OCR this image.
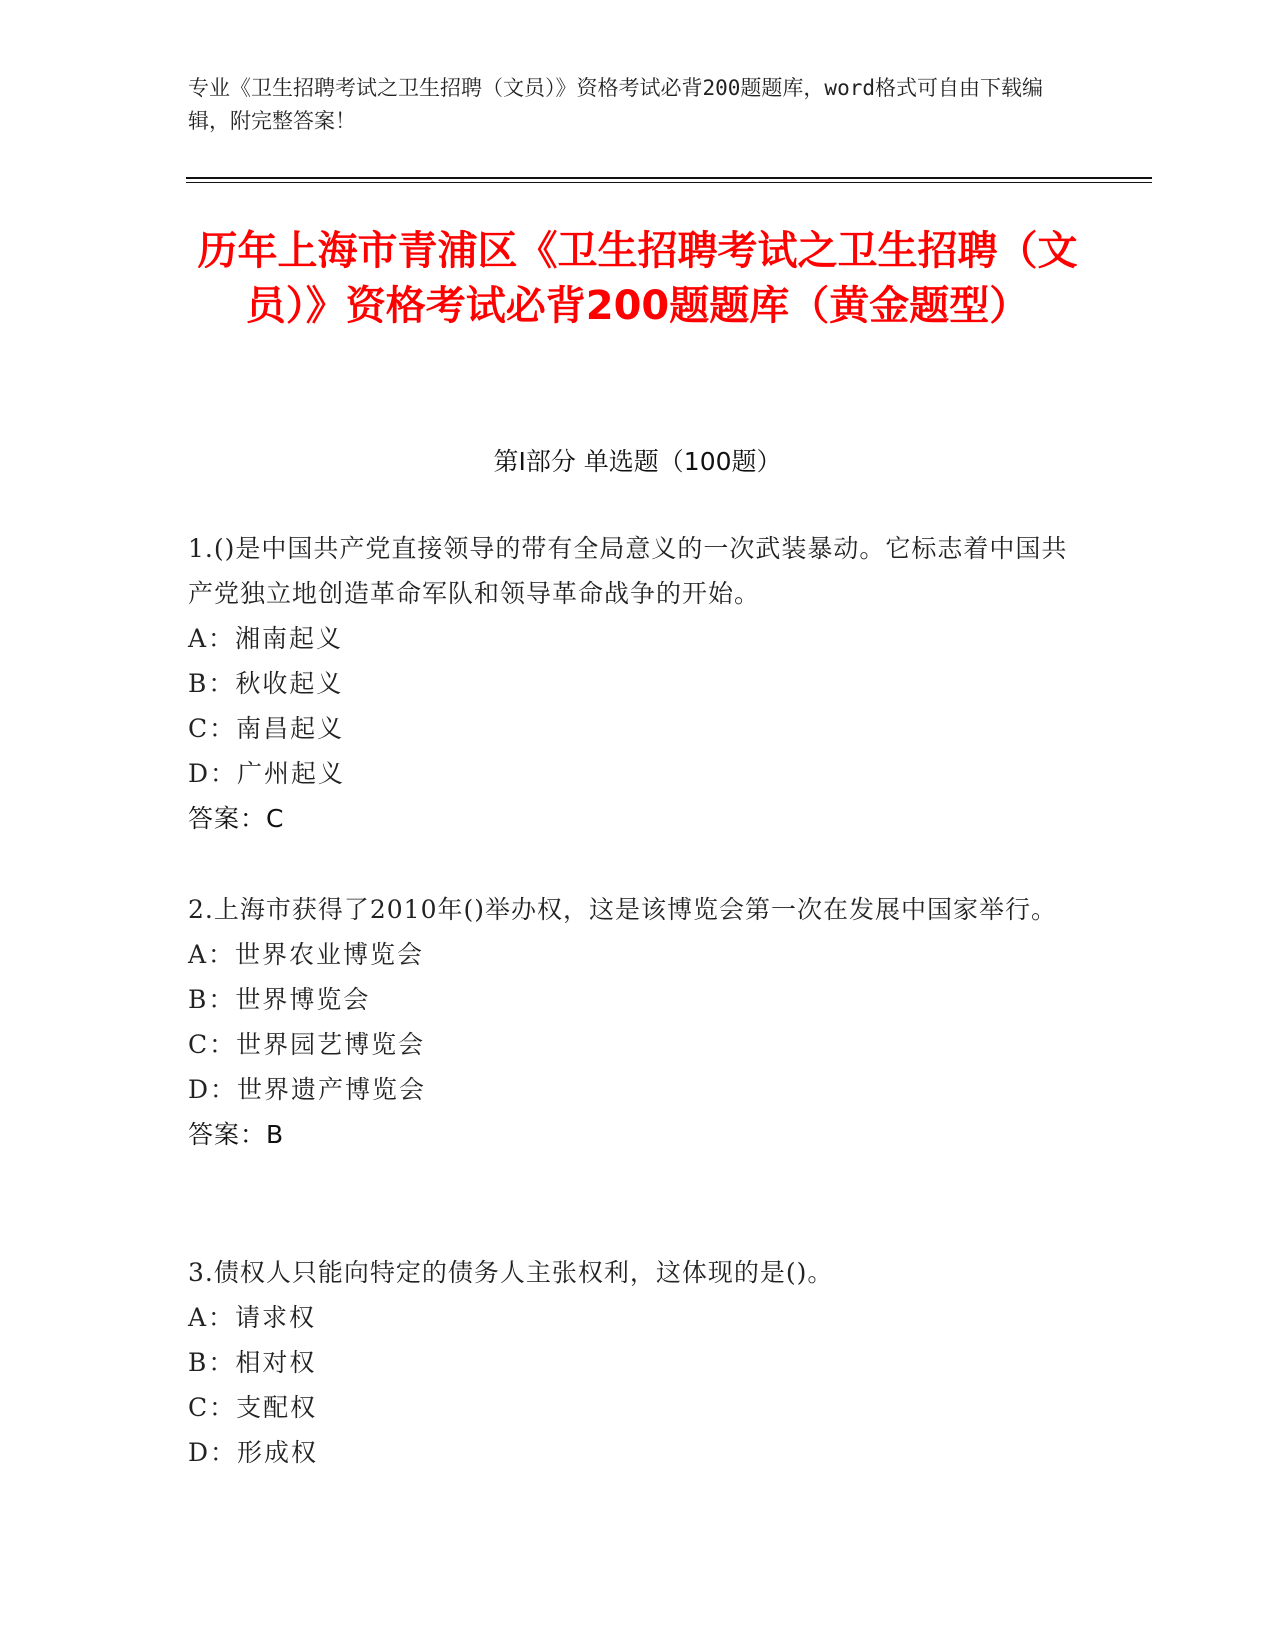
专业《卫生招聘考试之卫生招聘（文员）》资格考试必背200题题库，word格式可自由下载编辑，附完整答案！
历年上海市青浦区《卫生招聘考试之卫生招聘（文员）》资格考试必背200题题库（黄金题型）
第I部分 单选题（100题）
1.()是中国共产党直接领导的带有全局意义的一次武装暴动。它标志着中国共产党独立地创造革命军队和领导革命战争的开始。
A：湘南起义
B：秋收起义
C：南昌起义
D：广州起义
答案：C
2.上海市获得了2010年()举办权，这是该博览会第一次在发展中国家举行。
A：世界农业博览会
B：世界博览会
C：世界园艺博览会
D：世界遗产博览会
答案：B
3.债权人只能向特定的债务人主张权利，这体现的是()。
A：请求权
B：相对权
C：支配权
D：形成权
